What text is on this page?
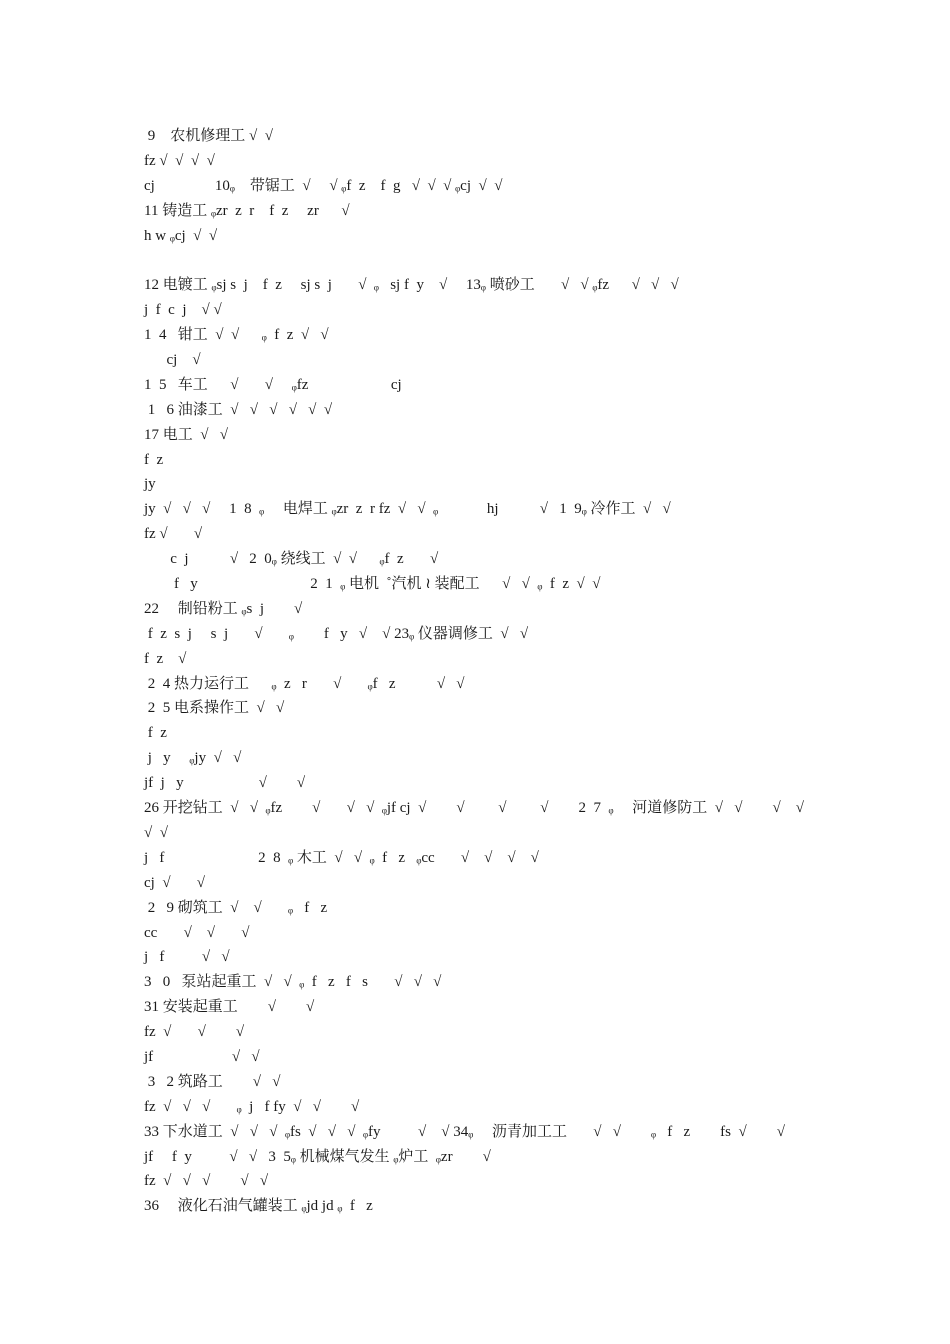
9    农机修理工 √  √
fz √  √  √  √
cj                10ᵩ    带锯工  √     √ ᵩf  z    f  g   √  √  √ ᵩcj  √  √
11 铸造工 ᵩzr  z  r    f  z     zr      √
h w ᵩcj  √  √
12 电镀工 ᵩsj s  j    f  z     sj s  j       √  ᵩ   sj f  y    √     13ᵩ 喷砂工       √   √ ᵩfz      √   √   √
j  f  c  j    √ √
1  4   钳工  √  √      ᵩ  f  z  √   √
cj    √
1  5   车工      √       √     ᵩfz                      cj
1   6 油漆工  √   √   √   √   √  √
17 电工  √   √
f  z
jy
jy  √   √   √     1  8  ᵩ     电焊工 ᵩzr  z  r fz  √   √  ᵩ             hj           √   1  9ᵩ 冷作工  √   √
fz √       √
c  j           √   2  0ᵩ 绕线工  √  √      ᵩf  z       √
f   y                              2  1  ᵩ 电机  ˚汽机 ≀ 装配工      √   √  ᵩ  f  z  √  √
22     制铅粉工 ᵩs  j        √
f  z  s  j     s  j       √       ᵩ        f   y   √    √ 23ᵩ 仪器调修工  √   √
f  z    √
2  4 热力运行工      ᵩ  z   r       √       ᵩf   z           √   √
2  5 电系操作工  √   √
f  z
j   y     ᵩjy  √   √
jf  j   y                    √        √
26 开挖钻工  √   √  ᵩfz        √       √   √  ᵩjf cj  √        √         √         √        2  7  ᵩ     河道修防工  √   √        √    √      √  √
j   f                         2  8  ᵩ 木工  √   √  ᵩ  f   z   ᵩcc       √    √    √    √
cj  √       √
2   9 砌筑工  √    √       ᵩ   f   z
cc       √    √       √
j   f          √   √
3   0   泵站起重工  √   √  ᵩ  f   z   f   s       √   √   √
31 安装起重工        √        √
fz  √       √        √
jf                     √   √
3   2 筑路工        √   √
fz  √   √   √       ᵩ  j   f fy  √   √        √
33 下水道工  √   √   √  ᵩfs  √   √   √  ᵩfy          √    √ 34ᵩ     沥青加工工       √   √        ᵩ   f   z        fs  √        √
jf     f  y          √   √   3  5ᵩ 机械煤气发生 ᵩ炉工  ᵩzr        √
fz  √   √   √        √   √
36     液化石油气罐装工 ᵩjd jd ᵩ  f   z
